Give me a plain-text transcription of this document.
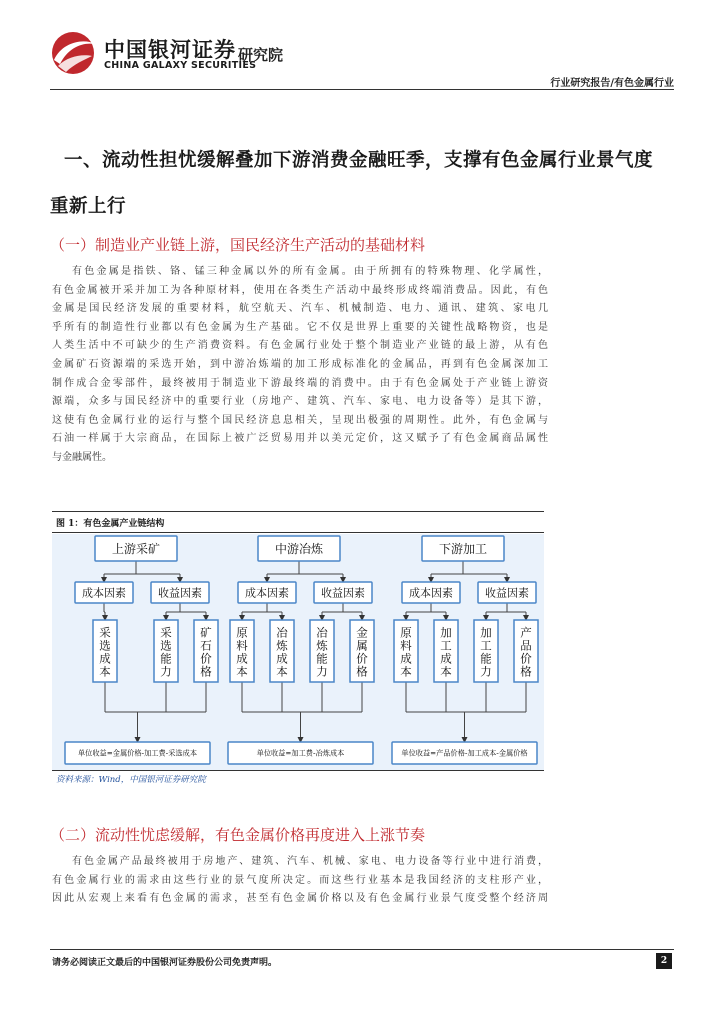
中国银河证券
CHINA GALAXY SECURITIES
研究院
行业研究报告/有色金属行业
一、流动性担忧缓解叠加下游消费金融旺季，支撑有色金属行业景气度
重新上行
（一）制造业产业链上游，国民经济生产活动的基础材料
有色金属是指铁、铬、锰三种金属以外的所有金属。由于所拥有的特殊物理、化学属性，
有色金属被开采并加工为各种原材料，使用在各类生产活动中最终形成终端消费品。因此，有色
金属是国民经济发展的重要材料，航空航天、汽车、机械制造、电力、通讯、建筑、家电几
乎所有的制造性行业都以有色金属为生产基础。它不仅是世界上重要的关键性战略物资，也是
人类生活中不可缺少的生产消费资料。有色金属行业处于整个制造业产业链的最上游，从有色
金属矿石资源端的采选开始，到中游冶炼端的加工形成标准化的金属品，再到有色金属深加工
制作成合金零部件，最终被用于制造业下游最终端的消费中。由于有色金属处于产业链上游资
源端，众多与国民经济中的重要行业（房地产、建筑、汽车、家电、电力设备等）是其下游，
这使有色金属行业的运行与整个国民经济息息相关，呈现出极强的周期性。此外，有色金属与
石油一样属于大宗商品，在国际上被广泛贸易用并以美元定价，这又赋予了有色金属商品属性
与金融属性。
图 1：有色金属产业链结构
上游采矿
成本因素	收益因素
采
选
成
本
采
选
能
力
矿
石
价
格
单位收益=金属价格-加工费-采选成本
中游冶炼
成本因素	收益因素
原
料
成
本
冶
炼
成
本
冶
炼
能
力
金
属
价
格
单位收益=加工费-冶炼成本
下游加工
成本因素	收益因素
原
料
成
本
加
工
成
本
加
工
能
力
产
品
价
格
单位收益=产品价格-加工成本-金属价格
资料来源：Wind，中国银河证券研究院
（二）流动性忧虑缓解，有色金属价格再度进入上涨节奏
有色金属产品最终被用于房地产、建筑、汽车、机械、家电、电力设备等行业中进行消费，
有色金属行业的需求由这些行业的景气度所决定。而这些行业基本是我国经济的支柱形产业，
因此从宏观上来看有色金属的需求，甚至有色金属价格以及有色金属行业景气度受整个经济周
请务必阅读正文最后的中国银河证券股份公司免责声明。	2
